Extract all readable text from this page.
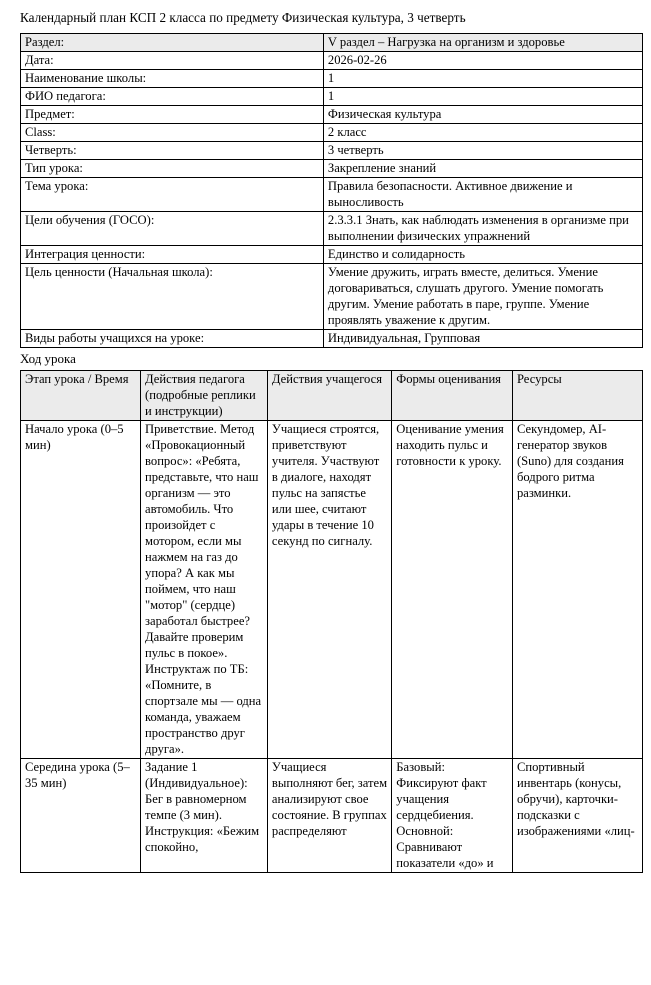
Календарный план КСП 2 класса по предмету Физическая культура, 3 четверть

Раздел:	V раздел – Нагрузка на организм и здоровье
Дата:	2026-02-26
Наименование школы:	1
ФИО педагога:	1
Предмет:	Физическая культура
Class:	2 класс
Четверть:	3 четверть
Тип урока:	Закрепление знаний
Тема урока:	Правила безопасности. Активное движение и выносливость
Цели обучения (ГОСО):	2.3.3.1 Знать, как наблюдать изменения в организме при выполнении физических упражнений
Интеграция ценности:	Единство и солидарность
Цель ценности (Начальная школа):	Умение дружить, играть вместе, делиться. Умение договариваться, слушать другого. Умение помогать другим. Умение работать в паре, группе. Умение проявлять уважение к другим.
Виды работы учащихся на уроке:	Индивидуальная, Групповая

Ход урока

Этап урока / Время	Действия педагога (подробные реплики и инструкции)	Действия учащегося	Формы оценивания	Ресурсы
Начало урока (0–5 мин)	Приветствие. Метод «Провокационный вопрос»: «Ребята, представьте, что наш организм — это автомобиль. Что произойдет с мотором, если мы нажмем на газ до упора? А как мы поймем, что наш "мотор" (сердце) заработал быстрее? Давайте проверим пульс в покое». Инструктаж по ТБ: «Помните, в спортзале мы — одна команда, уважаем пространство друг друга».	Учащиеся строятся, приветствуют учителя. Участвуют в диалоге, находят пульс на запястье или шее, считают удары в течение 10 секунд по сигналу.	Оценивание умения находить пульс и готовности к уроку.	Секундомер, AI-генератор звуков (Suno) для создания бодрого ритма разминки.
Середина урока (5–35 мин)	Задание 1 (Индивидуальное): Бег в равномерном темпе (3 мин). Инструкция: «Бежим спокойно,	Учащиеся выполняют бег, затем анализируют свое состояние. В группах распределяют	Базовый: Фиксируют факт учащения сердцебиения. Основной: Сравнивают показатели «до» и	Спортивный инвентарь (конусы, обручи), карточки-подсказки с изображениями «лиц-
